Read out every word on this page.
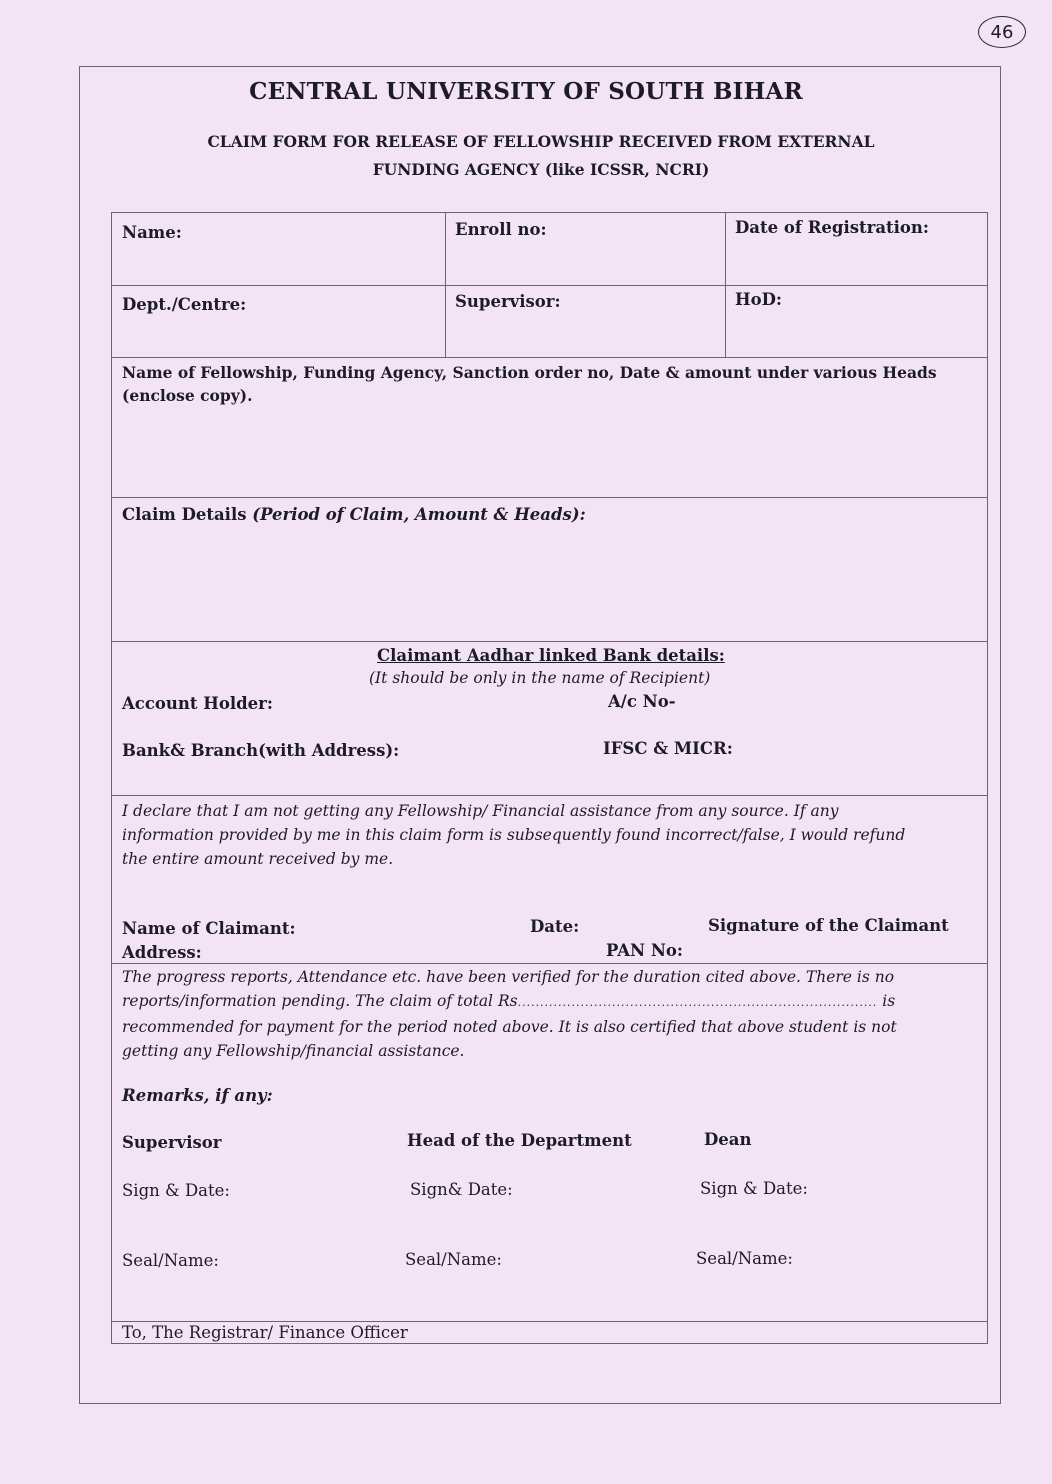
46
CENTRAL UNIVERSITY OF SOUTH BIHAR
CLAIM FORM FOR RELEASE OF FELLOWSHIP RECEIVED FROM EXTERNAL
FUNDING AGENCY (like ICSSR, NCRI)
Name:	Enroll no:	Date of Registration:
Dept./Centre:	Supervisor:	HoD:
Name of Fellowship, Funding Agency, Sanction order no, Date & amount under various Heads
(enclose copy).
Claim Details (Period of Claim, Amount & Heads):
Claimant Aadhar linked Bank details:
(It should be only in the name of Recipient)
Account Holder:	A/c No-
Bank& Branch(with Address):	IFSC & MICR:
I declare that I am not getting any Fellowship/ Financial assistance from any source. If any
information provided by me in this claim form is subsequently found incorrect/false, I would refund
the entire amount received by me.
Name of Claimant:	Date:	Signature of the Claimant
Address:	PAN No:
The progress reports, Attendance etc. have been verified for the duration cited above. There is no
reports/information pending. The claim of total Rs................................................................................ is
recommended for payment for the period noted above. It is also certified that above student is not
getting any Fellowship/financial assistance.
Remarks, if any:
Supervisor	Head of the Department	Dean
Sign & Date:	Sign& Date:	Sign & Date:
Seal/Name:	Seal/Name:	Seal/Name:
To, The Registrar/ Finance Officer
